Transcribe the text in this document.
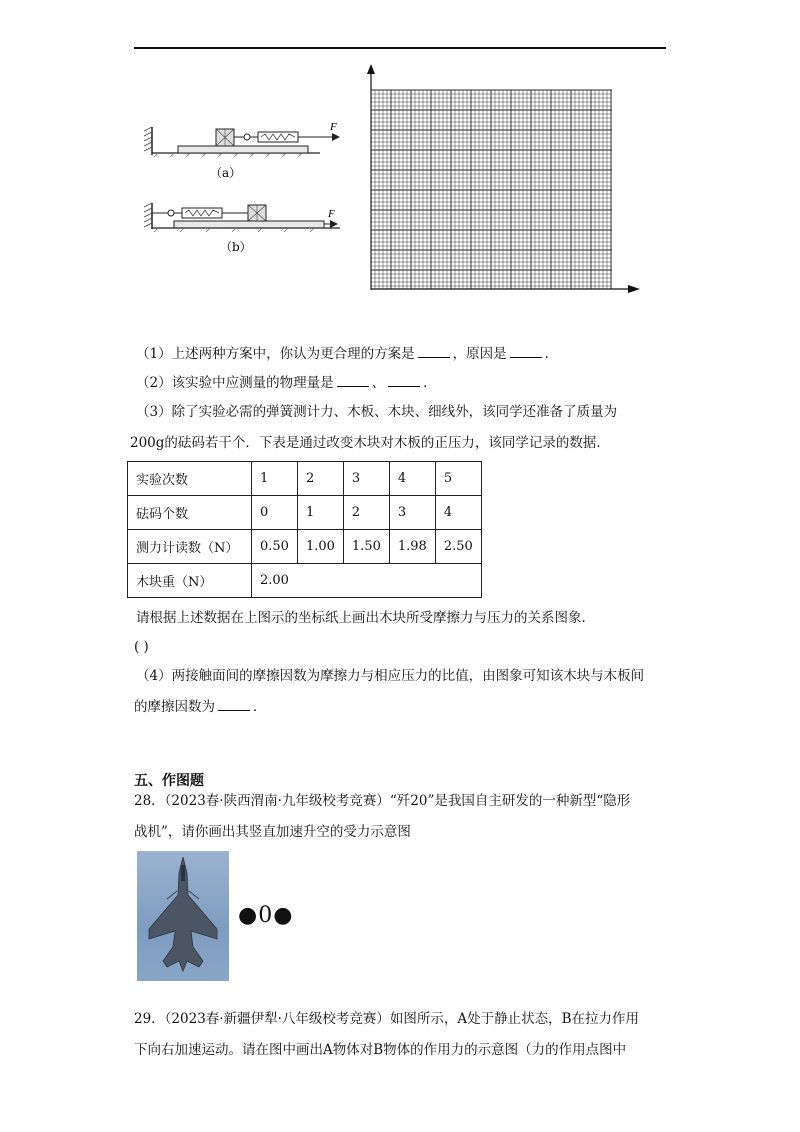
F
（a）
F
（b）
（1）上述两种方案中，你认为更合理的方案是	，原因是	．
（2）该实验中应测量的物理量是	、	．
（3）除了实验必需的弹簧测计力、木板、木块、细线外，该同学还准备了质量为
200g的砝码若干个．下表是通过改变木块对木板的正压力，该同学记录的数据．
实验次数	1	2	3	4	5
砝码个数	0	1	2	3	4
测力计读数（N）	0.50	1.00	1.50	1.98	2.50
木块重（N）	2.00				
请根据上述数据在上图示的坐标纸上画出木块所受摩擦力与压力的关系图象．
( )
（4）两接触面间的摩擦因数为摩擦力与相应压力的比值，由图象可知该木块与木板间
的摩擦因数为	．
五、作图题
28．（2023春·陕西渭南·九年级校考竞赛）“歼20”是我国自主研发的一种新型“隐形
战机”，请你画出其竖直加速升空的受力示意图
●0●
29．（2023春·新疆伊犁·八年级校考竞赛）如图所示，A处于静止状态，B在拉力作用
下向右加速运动。请在图中画出A物体对B物体的作用力的示意图（力的作用点图中
